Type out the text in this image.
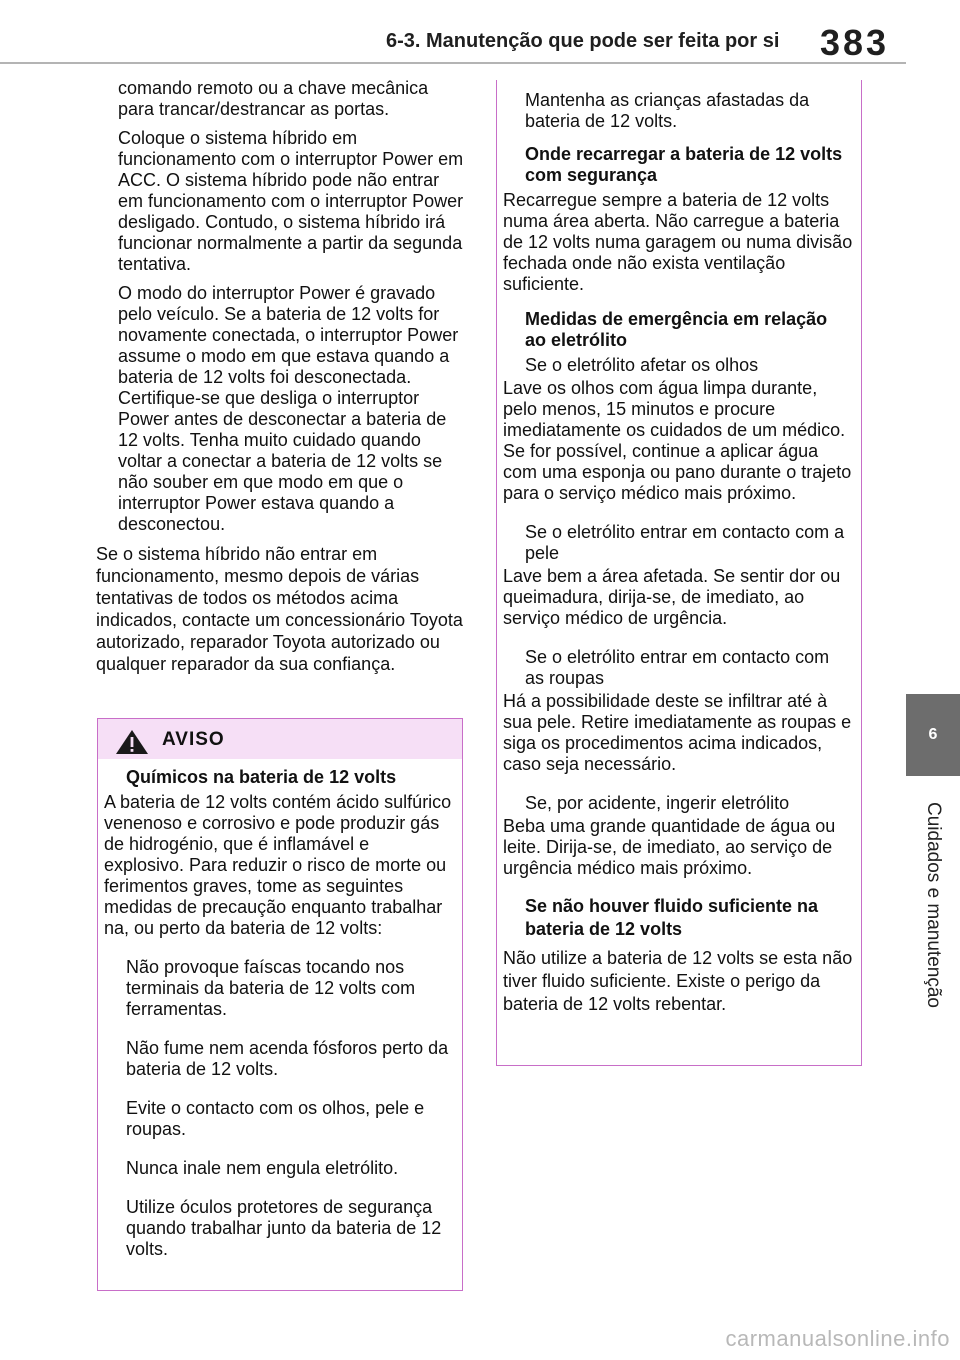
6-3. Manutenção que pode ser feita por si 383
6
Cuidados e manutenção

comando remoto ou a chave mecânica para trancar/destrancar as portas.

Coloque o sistema híbrido em funcionamento com o interruptor Power em ACC. O sistema híbrido pode não entrar em funcionamento com o interruptor Power desligado. Contudo, o sistema híbrido irá funcionar normalmente a partir da segunda tentativa.

O modo do interruptor Power é gravado pelo veículo. Se a bateria de 12 volts for novamente conectada, o interruptor Power assume o modo em que estava quando a bateria de 12 volts foi desconectada. Certifique-se que desliga o interruptor Power antes de desconectar a bateria de 12 volts. Tenha muito cuidado quando voltar a conectar a bateria de 12 volts se não souber em que modo em que o interruptor Power estava quando a desconectou.

Se o sistema híbrido não entrar em funcionamento, mesmo depois de várias tentativas de todos os métodos acima indicados, contacte um concessionário Toyota autorizado, reparador Toyota autorizado ou qualquer reparador da sua confiança.

AVISO

Químicos na bateria de 12 volts

A bateria de 12 volts contém ácido sulfúrico venenoso e corrosivo e pode produzir gás de hidrogénio, que é inflamável e explosivo. Para reduzir o risco de morte ou ferimentos graves, tome as seguintes medidas de precaução enquanto trabalhar na, ou perto da bateria de 12 volts:

Não provoque faíscas tocando nos terminais da bateria de 12 volts com ferramentas.

Não fume nem acenda fósforos perto da bateria de 12 volts.

Evite o contacto com os olhos, pele e roupas.

Nunca inale nem engula eletrólito.

Utilize óculos protetores de segurança quando trabalhar junto da bateria de 12 volts.

Mantenha as crianças afastadas da bateria de 12 volts.

Onde recarregar a bateria de 12 volts com segurança

Recarregue sempre a bateria de 12 volts numa área aberta. Não carregue a bateria de 12 volts numa garagem ou numa divisão fechada onde não exista ventilação suficiente.

Medidas de emergência em relação ao eletrólito

Se o eletrólito afetar os olhos

Lave os olhos com água limpa durante, pelo menos, 15 minutos e procure imediatamente os cuidados de um médico. Se for possível, continue a aplicar água com uma esponja ou pano durante o trajeto para o serviço médico mais próximo.

Se o eletrólito entrar em contacto com a pele

Lave bem a área afetada. Se sentir dor ou queimadura, dirija-se, de imediato, ao serviço médico de urgência.

Se o eletrólito entrar em contacto com as roupas

Há a possibilidade deste se infiltrar até à sua pele. Retire imediatamente as roupas e siga os procedimentos acima indicados, caso seja necessário.

Se, por acidente, ingerir eletrólito

Beba uma grande quantidade de água ou leite. Dirija-se, de imediato, ao serviço de urgência médico mais próximo.

Se não houver fluido suficiente na bateria de 12 volts

Não utilize a bateria de 12 volts se esta não tiver fluido suficiente. Existe o perigo da bateria de 12 volts rebentar.

carmanualsonline.info
